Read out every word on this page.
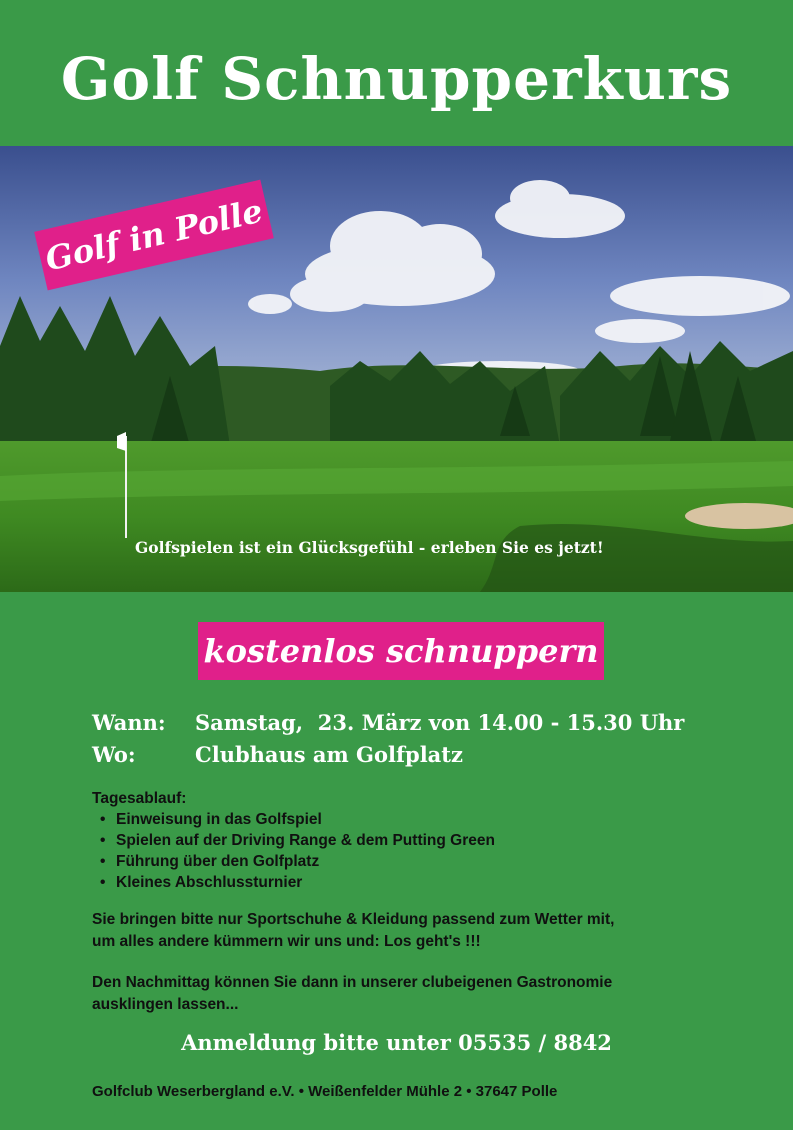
Golf Schnupperkurs
Golf in Polle
Golfspielen ist ein Glücksgefühl - erleben Sie es jetzt!
kostenlos schnuppern
Wann: Samstag,  23. März von 14.00 - 15.30 Uhr
Wo:	Clubhaus am Golfplatz
Tagesablauf:
• Einweisung in das Golfspiel
• Spielen auf der Driving Range & dem Putting Green
• Führung über den Golfplatz
• Kleines Abschlussturnier
Sie bringen bitte nur Sportschuhe & Kleidung passend zum Wetter mit,
um alles andere kümmern wir uns und: Los geht's !!!
Den Nachmittag können Sie dann in unserer clubeigenen Gastronomie
ausklingen lassen...
Anmeldung bitte unter 05535 / 8842
Golfclub Weserbergland e.V. • Weißenfelder Mühle 2 • 37647 Polle
